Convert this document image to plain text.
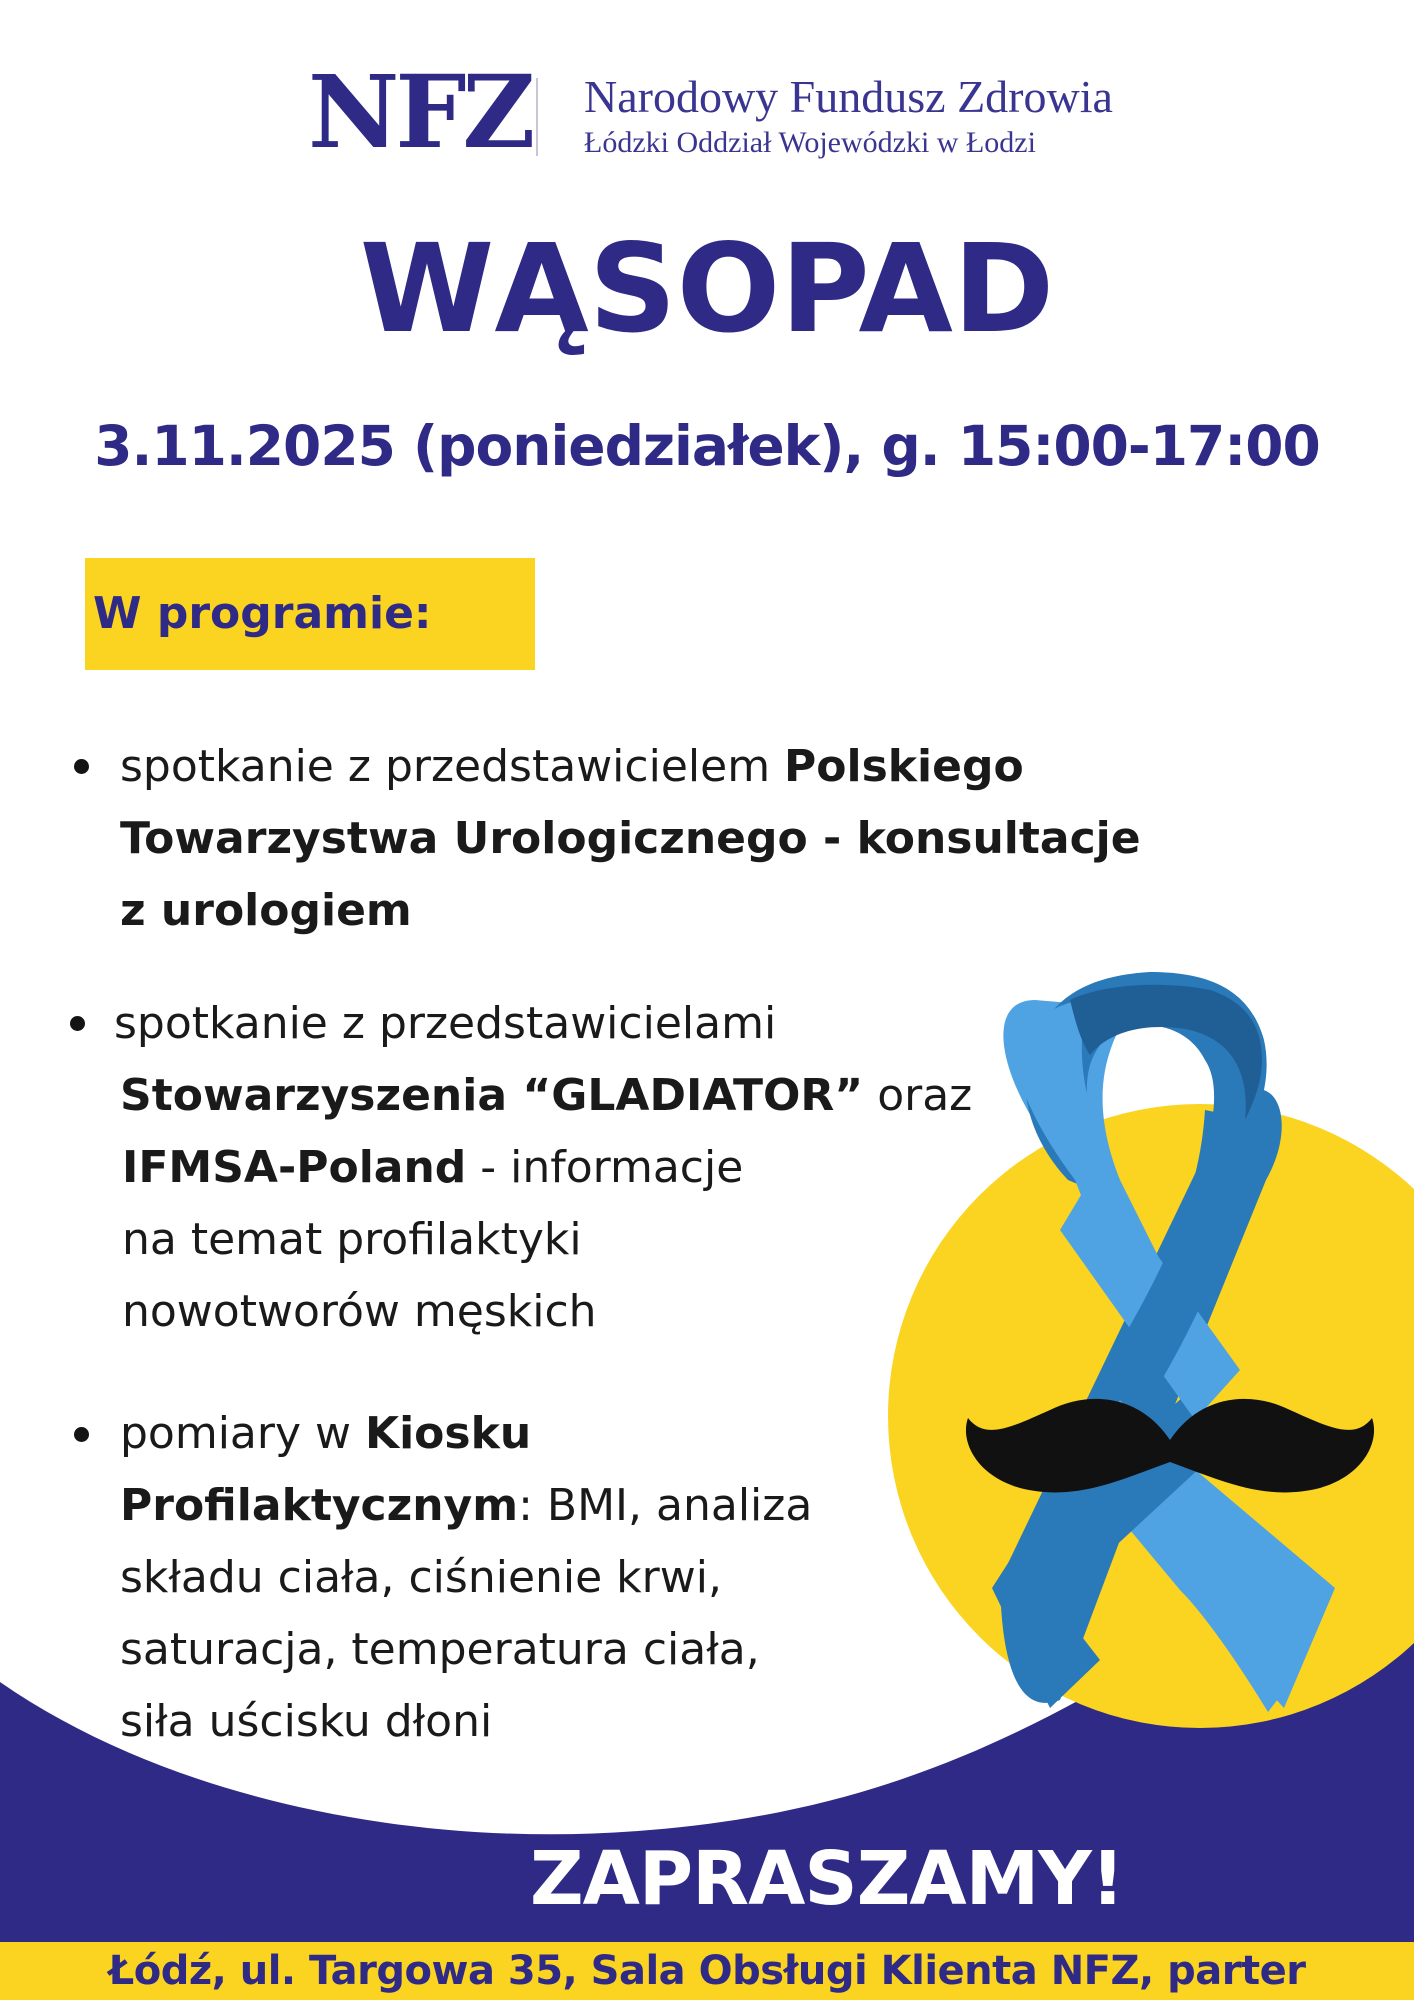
NFZ Narodowy Fundusz Zdrowia
Łódzki Oddział Wojewódzki w Łodzi
WĄSOPAD
3.11.2025 (poniedziałek), g. 15:00-17:00
W programie:
spotkanie z przedstawicielem Polskiego
Towarzystwa Urologicznego - konsultacje
z urologiem
spotkanie z przedstawicielami
Stowarzyszenia “GLADIATOR” oraz
IFMSA-Poland - informacje
na temat profilaktyki
nowotworów męskich
pomiary w Kiosku
Profilaktycznym: BMI, analiza
składu ciała, ciśnienie krwi,
saturacja, temperatura ciała,
siła uścisku dłoni
ZAPRASZAMY!
Łódź, ul. Targowa 35, Sala Obsługi Klienta NFZ, parter
